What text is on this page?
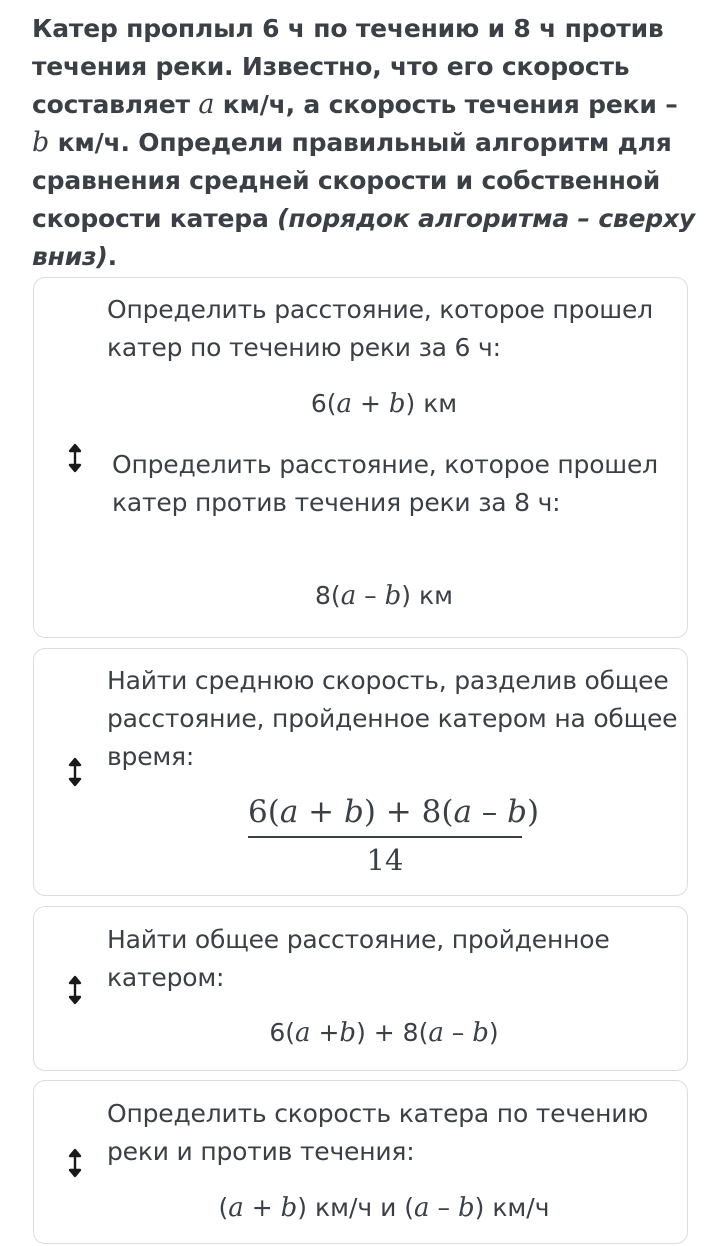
Катер проплыл 6 ч по течению и 8 ч против течения реки. Известно, что его скорость составляет a км/ч, а скорость течения реки – b км/ч. Определи правильный алгоритм для сравнения средней скорости и собственной скорости катера (порядок алгоритма – сверху вниз).
Определить расстояние, которое прошел катер по течению реки за 6 ч:
6(a + b) км
Определить расстояние, которое прошел катер против течения реки за 8 ч:
8(a – b) км
Найти среднюю скорость, разделив общее расстояние, пройденное катером на общее время:
$\frac{6(a + b) + 8(a - b)}{14}$
Найти общее расстояние, пройденное катером:
6(a +b) + 8(a – b)
Определить скорость катера по течению реки и против течения:
(a + b) км/ч и (a – b) км/ч
